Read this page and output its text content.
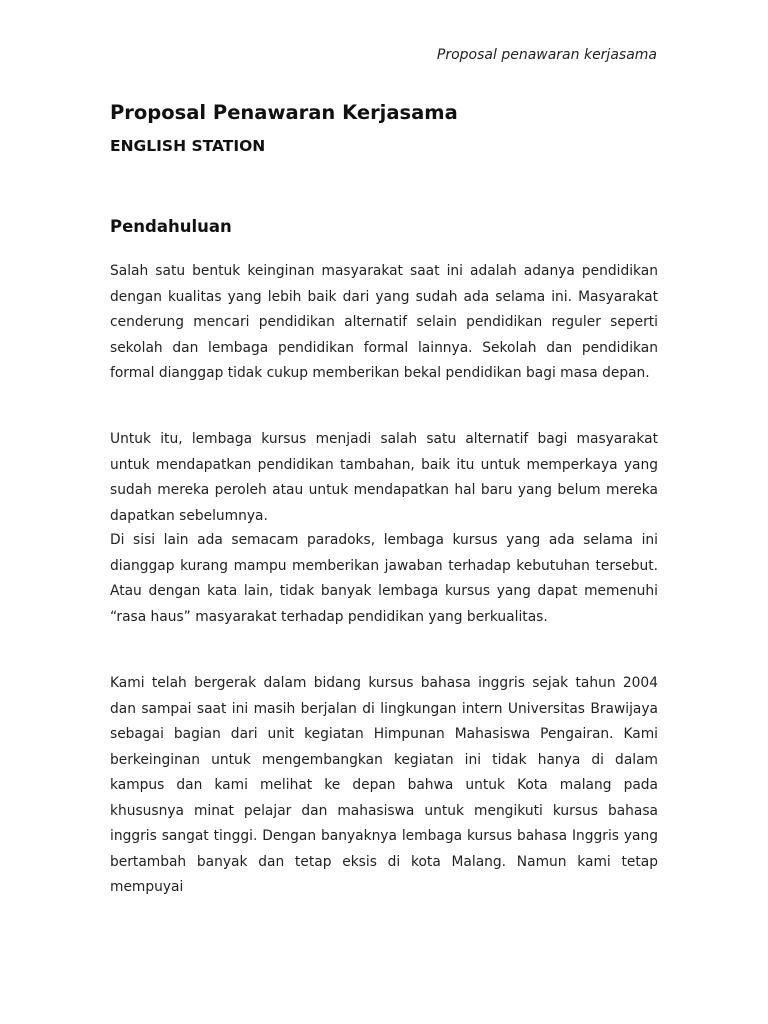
Proposal penawaran kerjasama
Proposal Penawaran Kerjasama
ENGLISH STATION
Pendahuluan

Salah satu bentuk keinginan masyarakat saat ini adalah adanya pendidikan dengan kualitas yang lebih baik dari yang sudah ada selama ini. Masyarakat cenderung mencari pendidikan alternatif selain pendidikan reguler seperti sekolah dan lembaga pendidikan formal lainnya. Sekolah dan pendidikan formal dianggap tidak cukup memberikan bekal pendidikan bagi masa depan.

Untuk itu, lembaga kursus menjadi salah satu alternatif bagi masyarakat untuk mendapatkan pendidikan tambahan, baik itu untuk memperkaya yang sudah mereka peroleh atau untuk mendapatkan hal baru yang belum mereka dapatkan sebelumnya.

Di sisi lain ada semacam paradoks, lembaga kursus yang ada selama ini dianggap kurang mampu memberikan jawaban terhadap kebutuhan tersebut. Atau dengan kata lain, tidak banyak lembaga kursus yang dapat memenuhi “rasa haus” masyarakat terhadap pendidikan yang berkualitas.

Kami telah bergerak dalam bidang kursus bahasa inggris sejak tahun 2004 dan sampai saat ini masih berjalan di lingkungan intern Universitas Brawijaya sebagai bagian dari unit kegiatan Himpunan Mahasiswa Pengairan. Kami berkeinginan untuk mengembangkan kegiatan ini tidak hanya di dalam kampus dan kami melihat ke depan bahwa untuk Kota malang pada khususnya minat pelajar dan mahasiswa untuk mengikuti kursus bahasa inggris sangat tinggi. Dengan banyaknya lembaga kursus bahasa Inggris yang bertambah banyak dan tetap eksis di kota Malang. Namun kami tetap mempuyai
